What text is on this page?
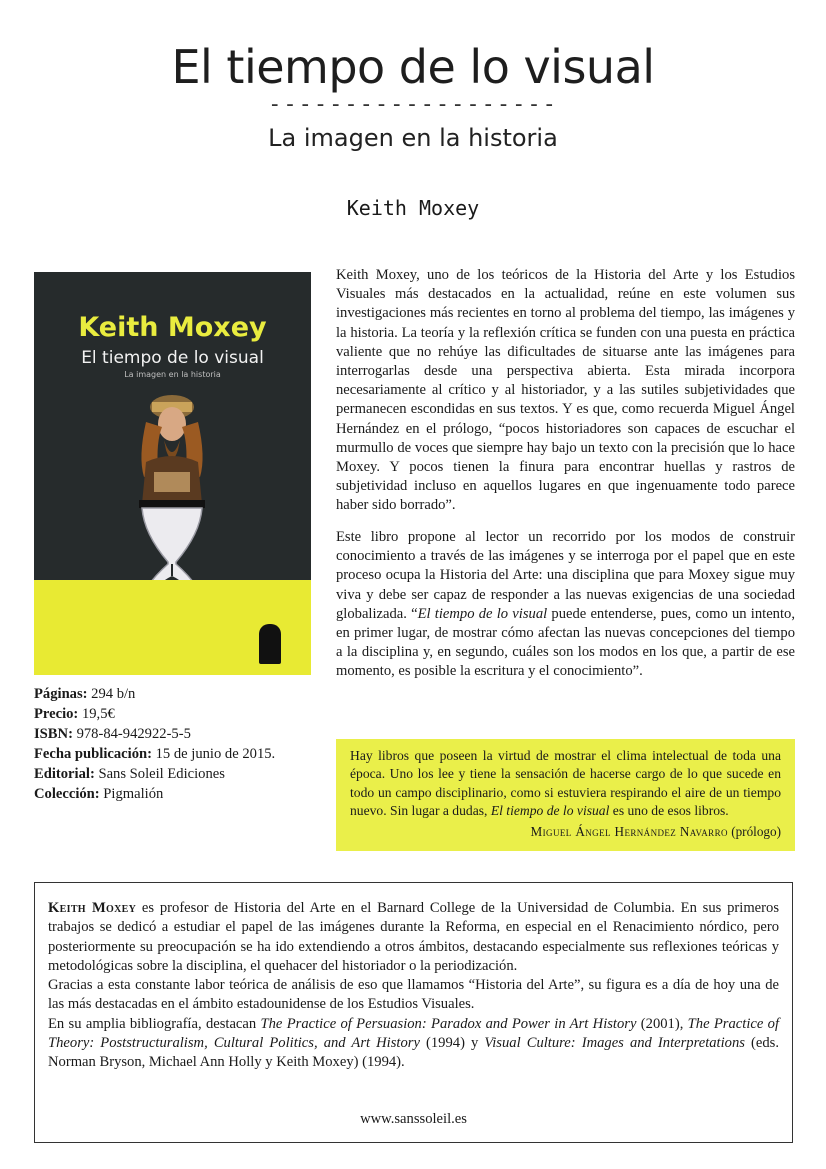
El tiempo de lo visual
-------------------
La imagen en la historia
Keith Moxey
Keith Moxey
El tiempo de lo visual
La imagen en la historia

Keith Moxey, uno de los teóricos de la Historia del Arte y los Estudios Visuales más destacados en la actualidad, reúne en este volumen sus investigaciones más recientes en torno al problema del tiempo, las imágenes y la historia. La teoría y la reflexión crítica se funden con una puesta en práctica valiente que no rehúye las dificultades de situarse ante las imágenes para interrogarlas desde una perspectiva abierta. Esta mirada incorpora necesariamente al crítico y al historiador, y a las sutiles subjetividades que permanecen escondidas en sus textos. Y es que, como recuerda Miguel Ángel Hernández en el prólogo, “pocos historiadores son capaces de escuchar el murmullo de voces que siempre hay bajo un texto con la precisión que lo hace Moxey. Y pocos tienen la finura para encontrar huellas y rastros de subjetividad incluso en aquellos lugares en que ingenuamente todo parece haber sido borrado”.

Este libro propone al lector un recorrido por los modos de construir conocimiento a través de las imágenes y se interroga por el papel que en este proceso ocupa la Historia del Arte: una disciplina que para Moxey sigue muy viva y debe ser capaz de responder a las nuevas exigencias de una sociedad globalizada. “El tiempo de lo visual puede entenderse, pues, como un intento, en primer lugar, de mostrar cómo afectan las nuevas concepciones del tiempo a la disciplina y, en segundo, cuáles son los modos en los que, a partir de ese momento, es posible la escritura y el conocimiento”.

Páginas: 294 b/n
Precio: 19,5€
ISBN: 978-84-942922-5-5
Fecha publicación: 15 de junio de 2015.
Editorial: Sans Soleil Ediciones
Colección: Pigmalión

Hay libros que poseen la virtud de mostrar el clima intelectual de toda una época. Uno los lee y tiene la sensación de hacerse cargo de lo que sucede en todo un campo disciplinario, como si estuviera respirando el aire de un tiempo nuevo. Sin lugar a dudas, El tiempo de lo visual es uno de esos libros.

Miguel Ángel Hernández Navarro (prólogo)

Keith Moxey es profesor de Historia del Arte en el Barnard College de la Universidad de Columbia. En sus primeros trabajos se dedicó a estudiar el papel de las imágenes durante la Reforma, en especial en el Renacimiento nórdico, pero posteriormente su preocupación se ha ido extendiendo a otros ámbitos, destacando especialmente sus reflexiones teóricas y metodológicas sobre la disciplina, el quehacer del historiador o la periodización.

Gracias a esta constante labor teórica de análisis de eso que llamamos “Historia del Arte”, su figura es a día de hoy una de las más destacadas en el ámbito estadounidense de los Estudios Visuales.

En su amplia bibliografía, destacan The Practice of Persuasion: Paradox and Power in Art History (2001), The Practice of Theory: Poststructuralism, Cultural Politics, and Art History (1994) y Visual Culture: Images and Interpretations (eds. Norman Bryson, Michael Ann Holly y Keith Moxey) (1994).

www.sanssoleil.es
